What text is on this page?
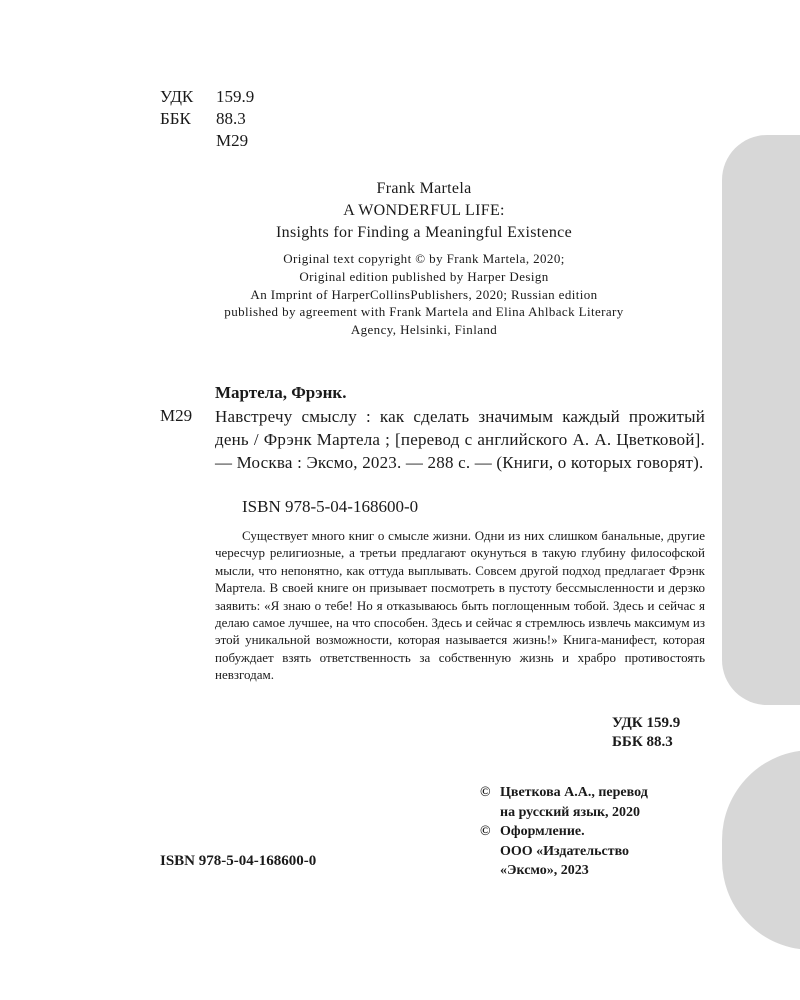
УДК	159.9
ББК	88.3
М29
Frank Martela
A WONDERFUL LIFE:
Insights for Finding a Meaningful Existence
Original text copyright © by Frank Martela, 2020;
Original edition published by Harper Design
An Imprint of HarperCollinsPublishers, 2020; Russian edition
published by agreement with Frank Martela and Elina Ahlback Literary
Agency, Helsinki, Finland
Мартела, Фрэнк.
М29 Навстречу смыслу : как сделать значимым каждый прожитый день / Фрэнк Мартела ; [перевод с английского А. А. Цветковой]. — Москва : Эксмо, 2023. — 288 с. — (Книги, о которых говорят).
ISBN 978-5-04-168600-0
Существует много книг о смысле жизни. Одни из них слишком банальные, другие чересчур религиозные, а третьи предлагают окунуться в такую глубину философской мысли, что непонятно, как оттуда выплывать. Совсем другой подход предлагает Фрэнк Мартела. В своей книге он призывает посмотреть в пустоту бессмысленности и дерзко заявить: «Я знаю о тебе! Но я отказываюсь быть поглощенным тобой. Здесь и сейчас я делаю самое лучшее, на что способен. Здесь и сейчас я стремлюсь извлечь максимум из этой уникальной возможности, которая называется жизнь!» Книга-манифест, которая побуждает взять ответственность за собственную жизнь и храбро противостоять невзгодам.
УДК 159.9
ББК 88.3
© Цветкова А.А., перевод
на русский язык, 2020
© Оформление.
ООО «Издательство
«Эксмо», 2023
ISBN 978-5-04-168600-0
